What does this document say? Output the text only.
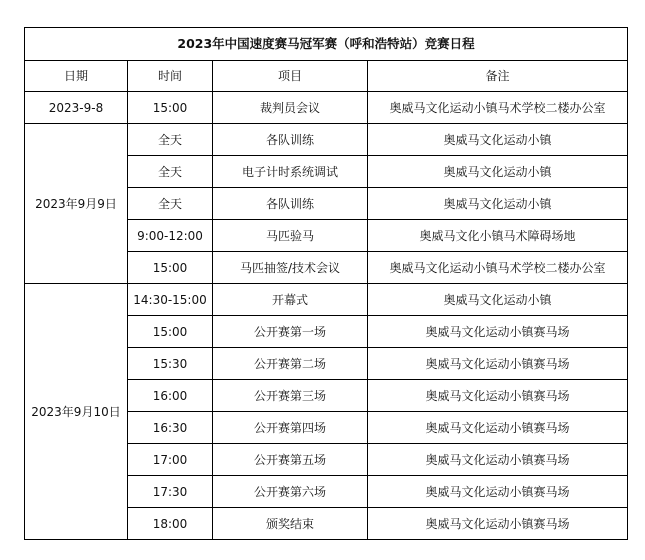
2023年中国速度赛马冠军赛（呼和浩特站）竞赛日程			
日期	时间	项目	备注
2023-9-8	15:00	裁判员会议	奥威马文化运动小镇马术学校二楼办公室
2023年9月9日	全天	各队训练	奥威马文化运动小镇
	全天	电子计时系统调试	奥威马文化运动小镇
	全天	各队训练	奥威马文化运动小镇
	9:00-12:00	马匹验马	奥威马文化小镇马术障碍场地
	15:00	马匹抽签/技术会议	奥威马文化运动小镇马术学校二楼办公室
2023年9月10日	14:30-15:00	开幕式	奥威马文化运动小镇
	15:00	公开赛第一场	奥威马文化运动小镇赛马场
	15:30	公开赛第二场	奥威马文化运动小镇赛马场
	16:00	公开赛第三场	奥威马文化运动小镇赛马场
	16:30	公开赛第四场	奥威马文化运动小镇赛马场
	17:00	公开赛第五场	奥威马文化运动小镇赛马场
	17:30	公开赛第六场	奥威马文化运动小镇赛马场
	18:00	颁奖结束	奥威马文化运动小镇赛马场
